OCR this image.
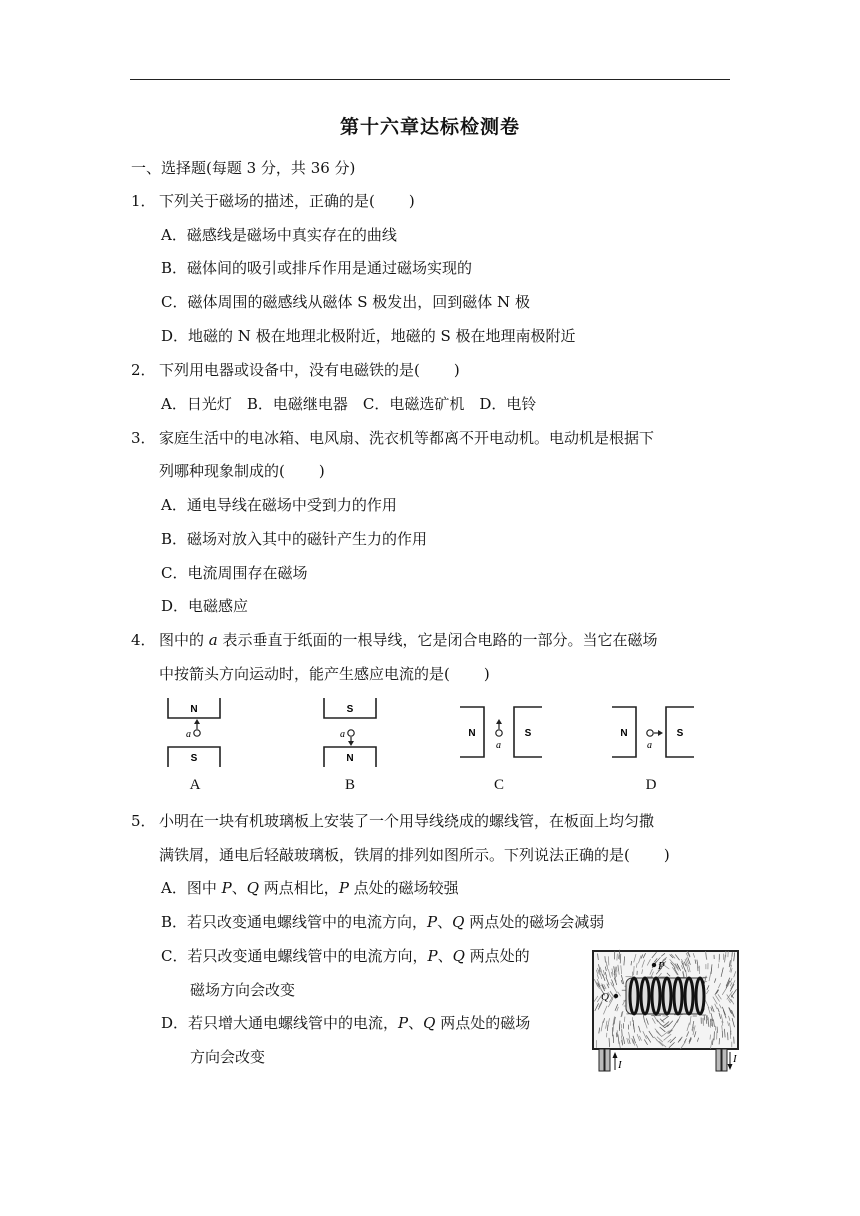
第十六章达标检测卷
一、选择题(每题 3 分，共 36 分)
1． 下列关于磁场的描述，正确的是( )
A．磁感线是磁场中真实存在的曲线
B．磁体间的吸引或排斥作用是通过磁场实现的
C．磁体周围的磁感线从磁体 S 极发出，回到磁体 N 极
D．地磁的 N 极在地理北极附近，地磁的 S 极在地理南极附近
2． 下列用电器或设备中，没有电磁铁的是( )
A．日光灯　B．电磁继电器　C．电磁选矿机　D．电铃
3． 家庭生活中的电冰箱、电风扇、洗衣机等都离不开电动机。电动机是根据下
列哪种现象制成的( )
A．通电导线在磁场中受到力的作用
B．磁场对放入其中的磁针产生力的作用
C．电流周围存在磁场
D．电磁感应
4． 图中的 a 表示垂直于纸面的一根导线，它是闭合电路的一部分。当它在磁场
中按箭头方向运动时，能产生感应电流的是( )
N
S
a
A
S
N
a
B
N	S
a
C
N	S
a
D
5． 小明在一块有机玻璃板上安装了一个用导线绕成的螺线管，在板面上均匀撒
满铁屑，通电后轻敲玻璃板，铁屑的排列如图所示。下列说法正确的是( )
A．图中 P、Q 两点相比，P 点处的磁场较强
B．若只改变通电螺线管中的电流方向，P、Q 两点处的磁场会减弱
C．若只改变通电螺线管中的电流方向，P、Q 两点处的
磁场方向会改变
D．若只增大通电螺线管中的电流，P、Q 两点处的磁场
方向会改变
P
Q
I	I
